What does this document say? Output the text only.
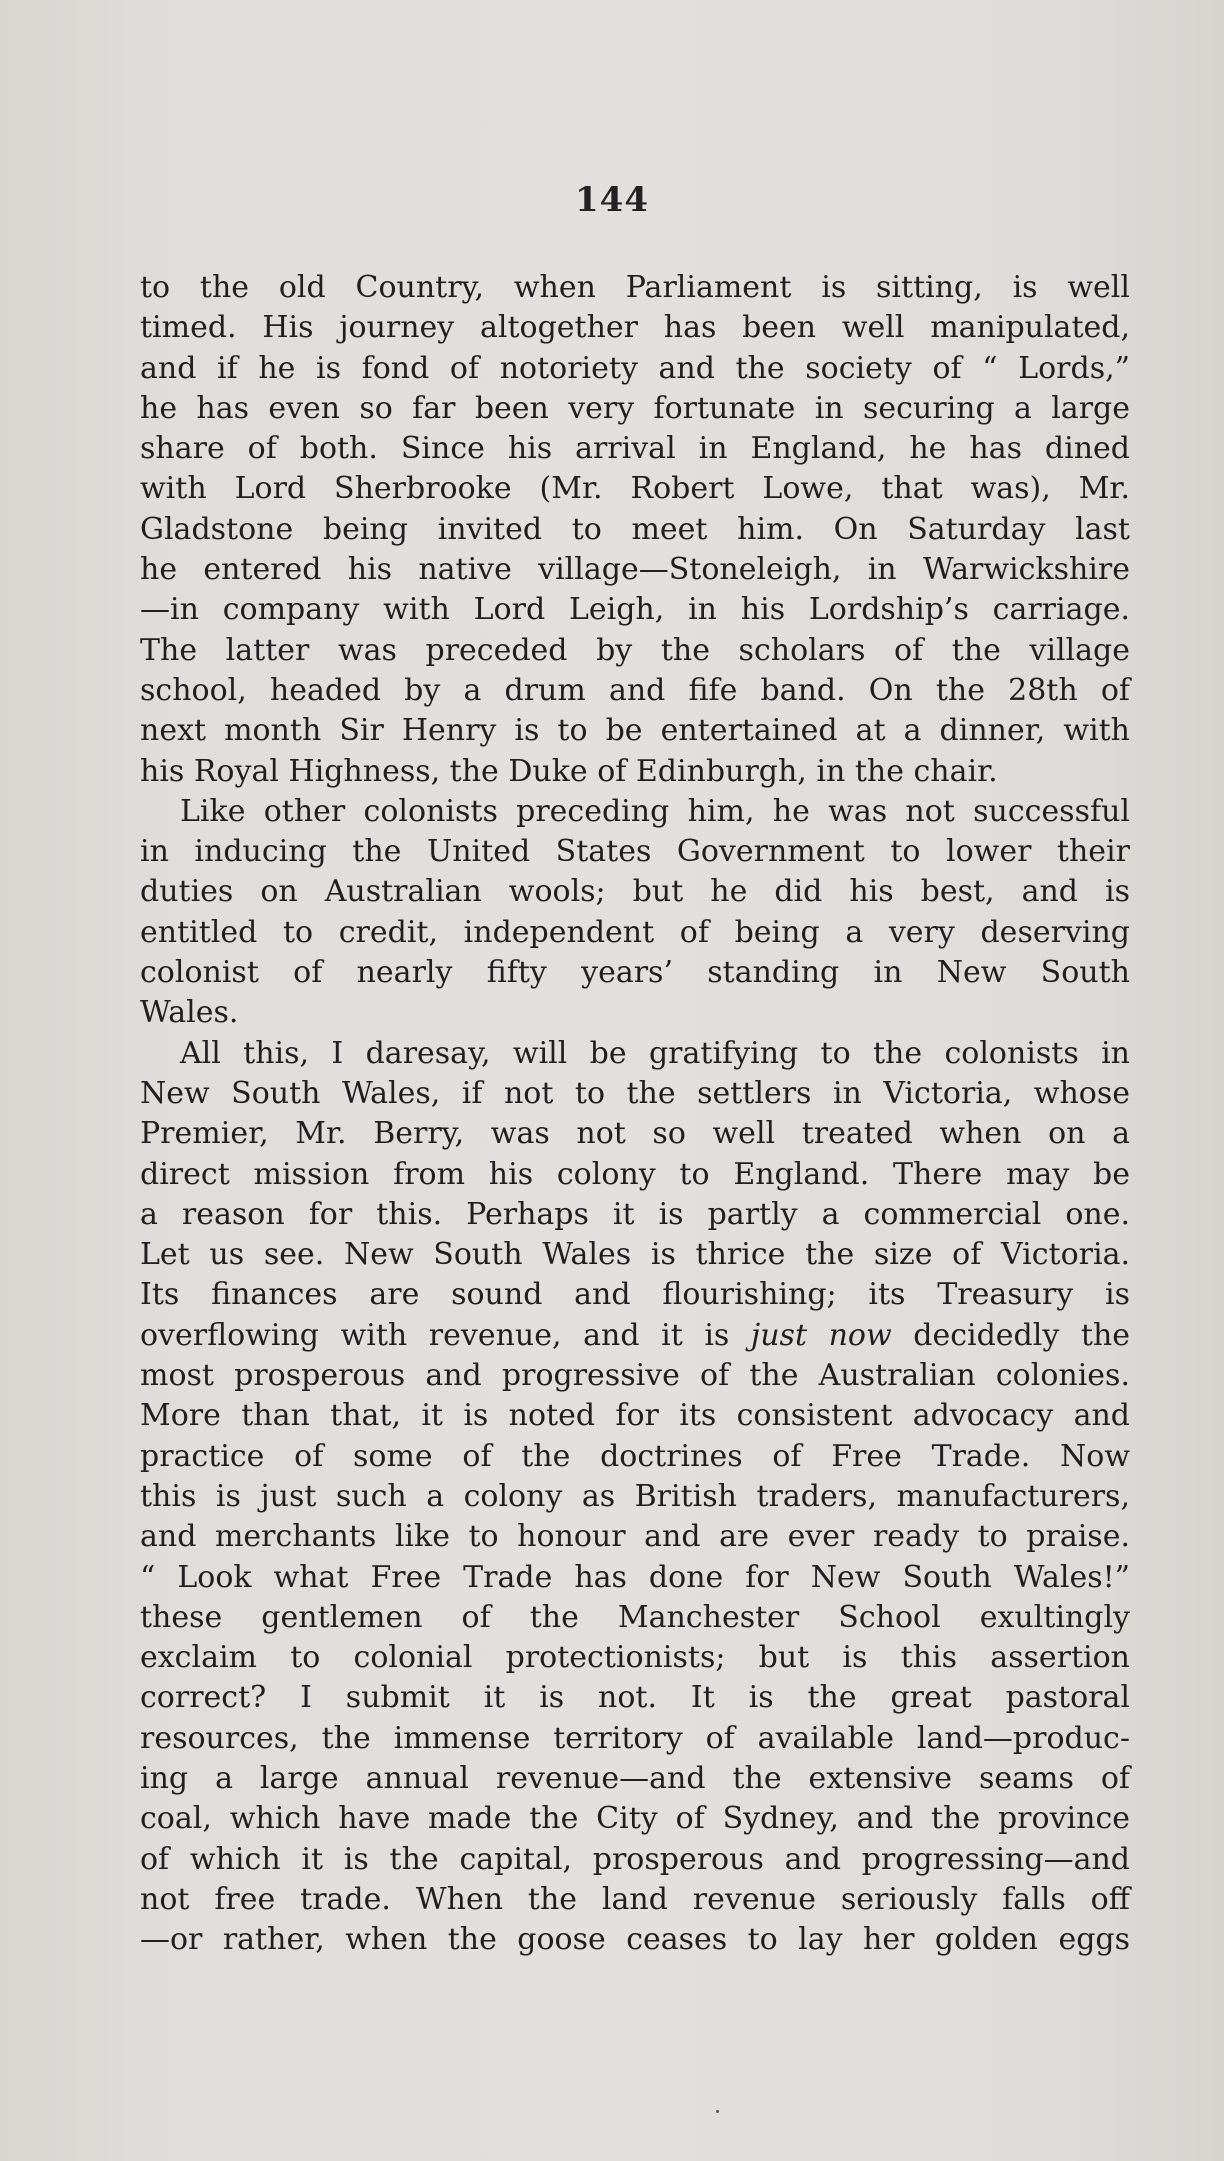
144
to the old Country, when Parliament is sitting, is well
timed. His journey altogether has been well manipulated,
and if he is fond of notoriety and the society of “ Lords,”
he has even so far been very fortunate in securing a large
share of both. Since his arrival in England, he has dined
with Lord Sherbrooke (Mr. Robert Lowe, that was), Mr.
Gladstone being invited to meet him. On Saturday last
he entered his native village—Stoneleigh, in Warwickshire
—in company with Lord Leigh, in his Lordship’s carriage.
The latter was preceded by the scholars of the village
school, headed by a drum and fife band. On the 28th of
next month Sir Henry is to be entertained at a dinner, with
his Royal Highness, the Duke of Edinburgh, in the chair.
Like other colonists preceding him, he was not successful
in inducing the United States Government to lower their
duties on Australian wools; but he did his best, and is
entitled to credit, independent of being a very deserving
colonist of nearly fifty years’ standing in New South
Wales.
All this, I daresay, will be gratifying to the colonists in
New South Wales, if not to the settlers in Victoria, whose
Premier, Mr. Berry, was not so well treated when on a
direct mission from his colony to England. There may be
a reason for this. Perhaps it is partly a commercial one.
Let us see. New South Wales is thrice the size of Victoria.
Its finances are sound and flourishing; its Treasury is
overflowing with revenue, and it is just now decidedly the
most prosperous and progressive of the Australian colonies.
More than that, it is noted for its consistent advocacy and
practice of some of the doctrines of Free Trade. Now
this is just such a colony as British traders, manufacturers,
and merchants like to honour and are ever ready to praise.
“ Look what Free Trade has done for New South Wales!”
these gentlemen of the Manchester School exultingly
exclaim to colonial protectionists; but is this assertion
correct? I submit it is not. It is the great pastoral
resources, the immense territory of available land—produc-
ing a large annual revenue—and the extensive seams of
coal, which have made the City of Sydney, and the province
of which it is the capital, prosperous and progressing—and
not free trade. When the land revenue seriously falls off
—or rather, when the goose ceases to lay her golden eggs
